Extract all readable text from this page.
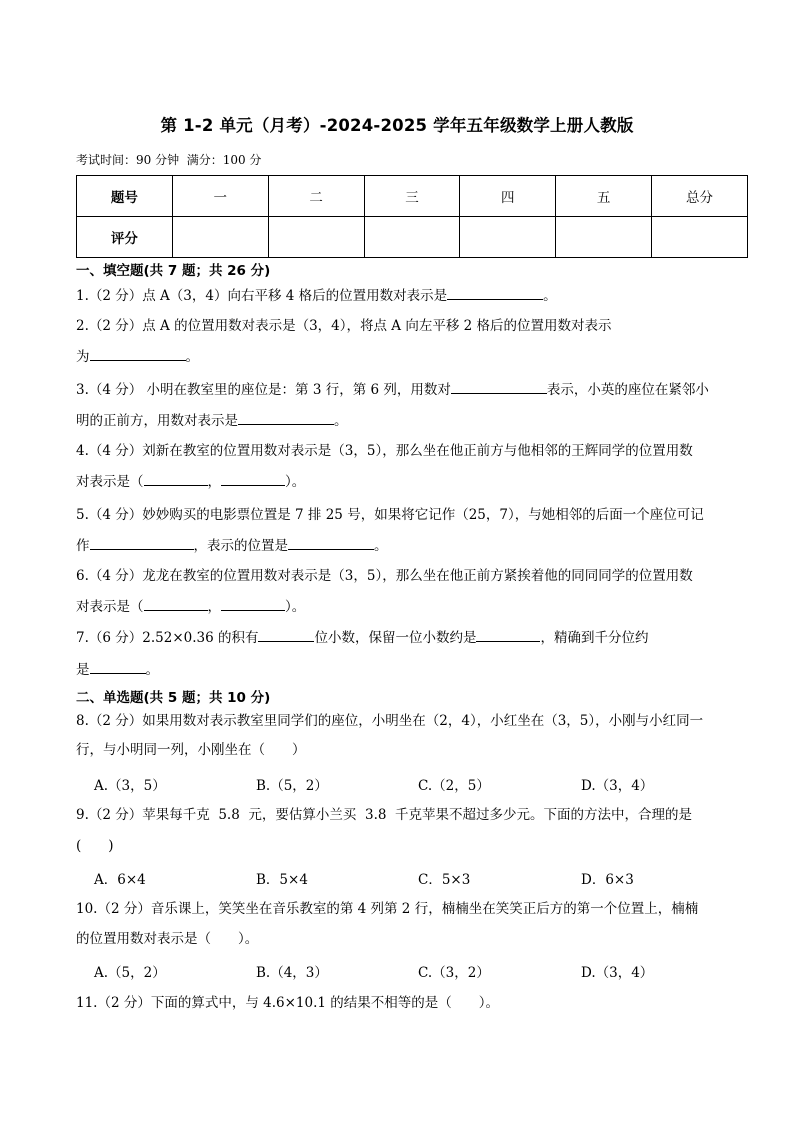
第 1-2 单元（月考）-2024-2025 学年五年级数学上册人教版
考试时间：90 分钟  满分：100 分
题号	一	二	三	四	五	总分
评分						
一、填空题(共 7 题；共 26 分)
1.（2 分）点 A（3，4）向右平移 4 格后的位置用数对表示是	。
2.（2 分）点 A 的位置用数对表示是（3，4），将点 A 向左平移 2 格后的位置用数对表示
为	。
3.（4 分） 小明在教室里的座位是：第 3 行，第 6 列，用数对	表示，小英的座位在紧邻小
明的正前方，用数对表示是	。
4.（4 分）刘新在教室的位置用数对表示是（3，5），那么坐在他正前方与他相邻的王辉同学的位置用数
对表示是（	，	）。
5.（4 分）妙妙购买的电影票位置是 7 排 25 号，如果将它记作（25，7），与她相邻的后面一个座位可记
作	，表示的位置是	。
6.（4 分）龙龙在教室的位置用数对表示是（3，5），那么坐在他正前方紧挨着他的同同同学的位置用数
对表示是（	，	）。
7.（6 分）2.52×0.36 的积有	位小数，保留一位小数约是	，精确到千分位约
是	。
二、单选题(共 5 题；共 10 分)
8.（2 分）如果用数对表示教室里同学们的座位，小明坐在（2，4），小红坐在（3，5），小刚与小红同一
行，与小明同一列，小刚坐在（　　）
A.（3，5）	B.（5，2）	C.（2，5）	D.（3，4）
9.（2 分）苹果每千克  5.8  元，要估算小兰买  3.8  千克苹果不超过多少元。下面的方法中，合理的是
(　　)
A．6×4	B．5×4	C．5×3	D．6×3
10.（2 分）音乐课上，笑笑坐在音乐教室的第 4 列第 2 行，楠楠坐在笑笑正后方的第一个位置上，楠楠
的位置用数对表示是（　　）。
A.（5，2）	B.（4，3）	C.（3，2）	D.（3，4）
11.（2 分）下面的算式中，与 4.6×10.1 的结果不相等的是（　　）。
